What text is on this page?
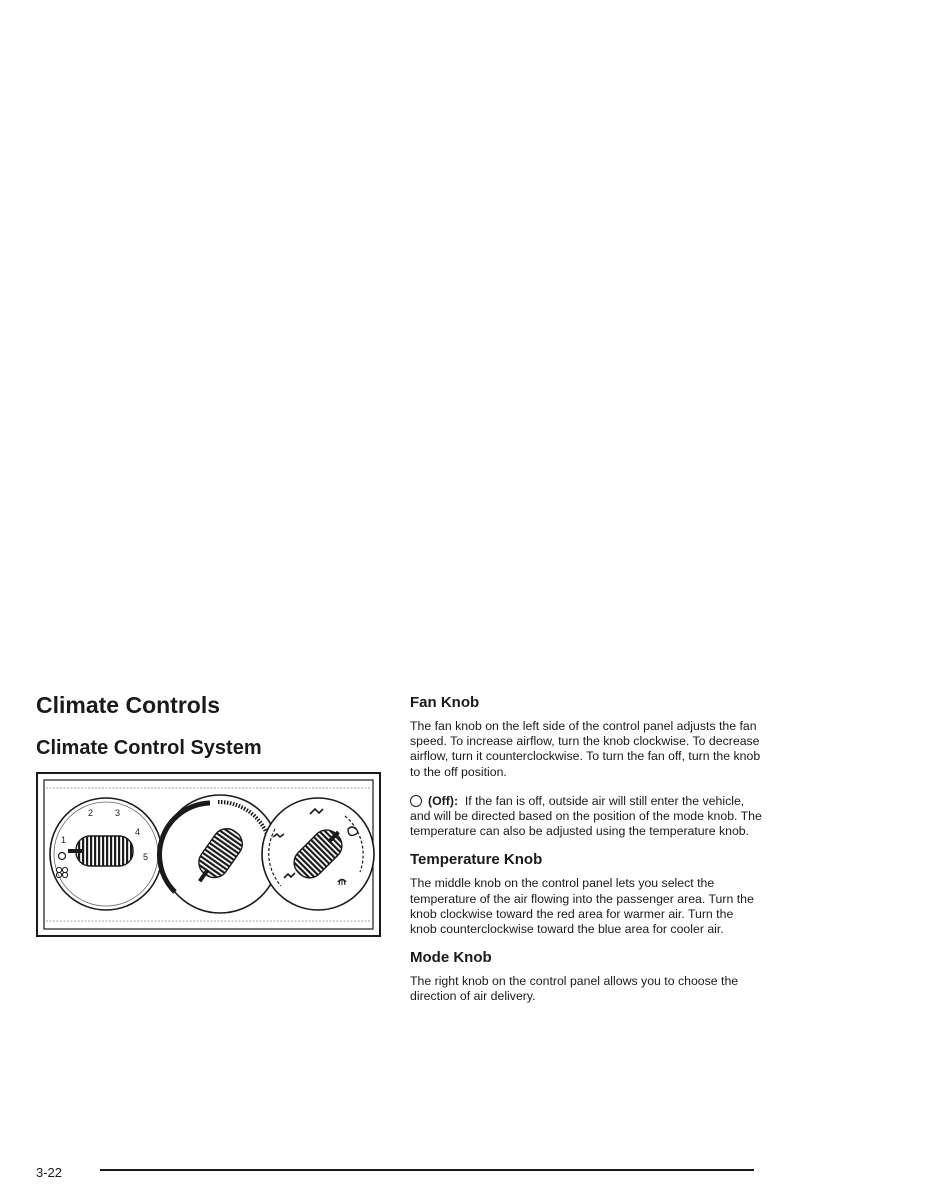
Climate Controls
Climate Control System
1
2 3
4
5
Fan Knob

The fan knob on the left side of the control panel adjusts the fan speed. To increase airflow, turn the knob clockwise. To decrease airflow, turn it counterclockwise. To turn the fan off, turn the knob to the off position.

(Off): If the fan is off, outside air will still enter the vehicle, and will be directed based on the position of the mode knob. The temperature can also be adjusted using the temperature knob.

Temperature Knob

The middle knob on the control panel lets you select the temperature of the air flowing into the passenger area. Turn the knob clockwise toward the red area for warmer air. Turn the knob counterclockwise toward the blue area for cooler air.

Mode Knob

The right knob on the control panel allows you to choose the direction of air delivery.

3-22
